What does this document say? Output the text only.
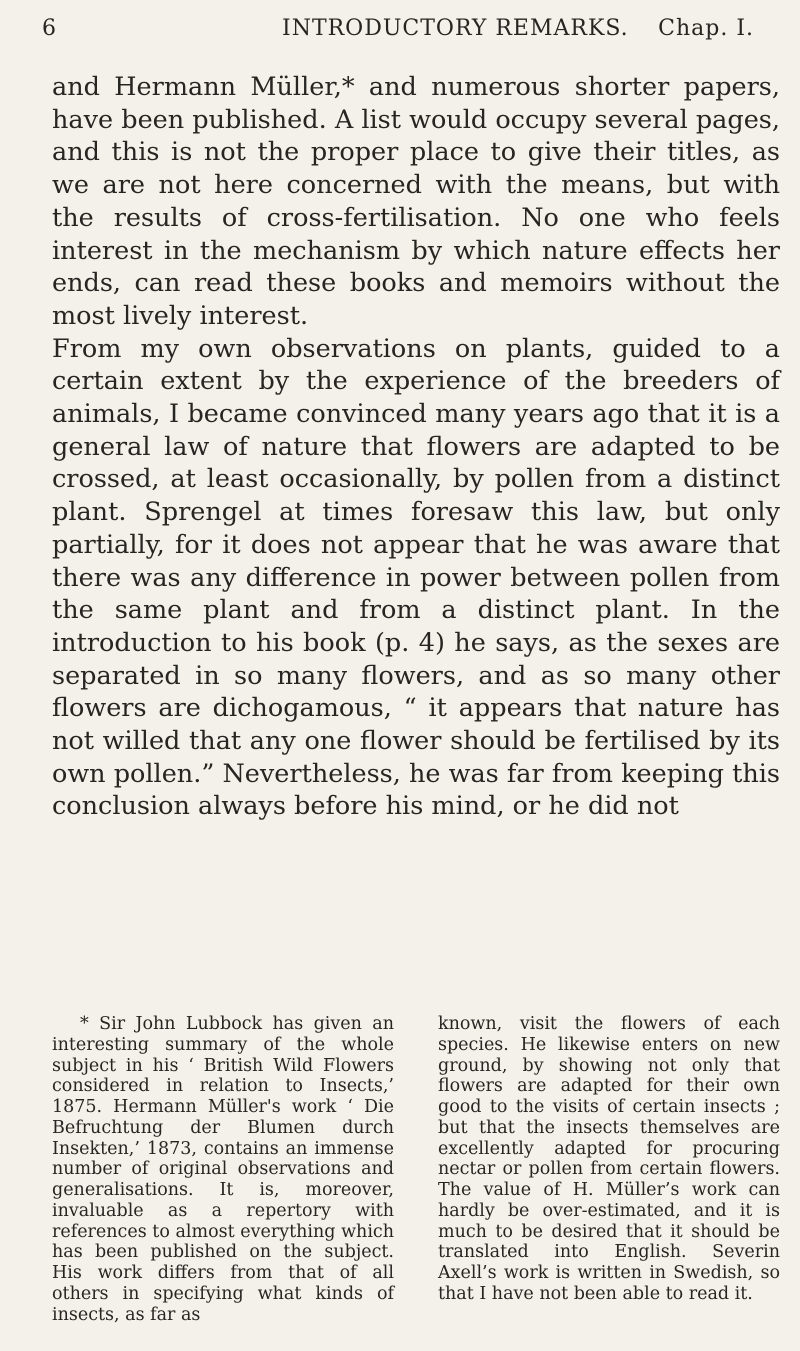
6	INTRODUCTORY REMARKS. Chap. I.

and Hermann Müller,* and numerous shorter papers, have been published. A list would occupy several pages, and this is not the proper place to give their titles, as we are not here concerned with the means, but with the results of cross-fertilisation. No one who feels interest in the mechanism by which nature effects her ends, can read these books and memoirs without the most lively interest.

From my own observations on plants, guided to a certain extent by the experience of the breeders of animals, I became convinced many years ago that it is a general law of nature that flowers are adapted to be crossed, at least occasionally, by pollen from a distinct plant. Sprengel at times foresaw this law, but only partially, for it does not appear that he was aware that there was any difference in power between pollen from the same plant and from a distinct plant. In the introduction to his book (p. 4) he says, as the sexes are separated in so many flowers, and as so many other flowers are dichogamous, “ it appears that nature has not willed that any one flower should be fertilised by its own pollen.” Nevertheless, he was far from keeping this conclusion always before his mind, or he did not

* Sir John Lubbock has given an interesting summary of the whole subject in his ‘ British Wild Flowers considered in relation to Insects,’ 1875. Hermann Müller's work ‘ Die Befruchtung der Blumen durch Insekten,’ 1873, contains an immense number of original observations and generalisations. It is, moreover, invaluable as a repertory with references to almost everything which has been published on the subject. His work differs from that of all others in specifying what kinds of insects, as far as
known, visit the flowers of each species. He likewise enters on new ground, by showing not only that flowers are adapted for their own good to the visits of certain insects ; but that the insects themselves are excellently adapted for procuring nectar or pollen from certain flowers. The value of H. Müller’s work can hardly be over-estimated, and it is much to be desired that it should be translated into English. Severin Axell’s work is written in Swedish, so that I have not been able to read it.
